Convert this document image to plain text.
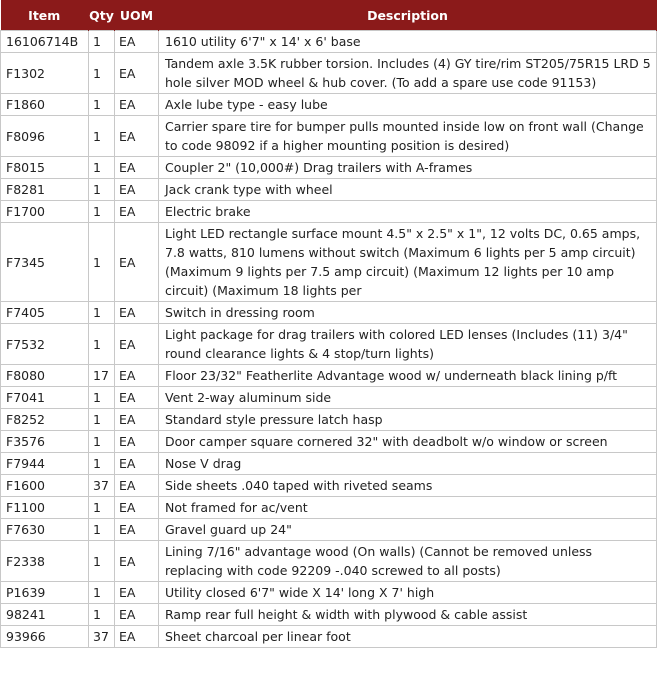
Item	Qty	UOM	Description
16106714B	1	EA	1610 utility 6'7" x 14' x 6' base
F1302	1	EA	Tandem axle 3.5K rubber torsion. Includes (4) GY tire/rim ST205/75R15 LRD 5 hole silver MOD wheel & hub cover. (To add a spare use code 91153)
F1860	1	EA	Axle lube type - easy lube
F8096	1	EA	Carrier spare tire for bumper pulls mounted inside low on front wall (Change to code 98092 if a higher mounting position is desired)
F8015	1	EA	Coupler 2" (10,000#) Drag trailers with A-frames
F8281	1	EA	Jack crank type with wheel
F1700	1	EA	Electric brake
F7345	1	EA	Light LED rectangle surface mount 4.5" x 2.5" x 1", 12 volts DC, 0.65 amps, 7.8 watts, 810 lumens without switch (Maximum 6 lights per 5 amp circuit) (Maximum 9 lights per 7.5 amp circuit) (Maximum 12 lights per 10 amp circuit) (Maximum 18 lights per
F7405	1	EA	Switch in dressing room
F7532	1	EA	Light package for drag trailers with colored LED lenses (Includes (11) 3/4" round clearance lights & 4 stop/turn lights)
F8080	17	EA	Floor 23/32" Featherlite Advantage wood w/ underneath black lining p/ft
F7041	1	EA	Vent 2-way aluminum side
F8252	1	EA	Standard style pressure latch hasp
F3576	1	EA	Door camper square cornered 32" with deadbolt w/o window or screen
F7944	1	EA	Nose V drag
F1600	37	EA	Side sheets .040 taped with riveted seams
F1100	1	EA	Not framed for ac/vent
F7630	1	EA	Gravel guard up 24"
F2338	1	EA	Lining 7/16" advantage wood (On walls) (Cannot be removed unless replacing with code 92209 -.040 screwed to all posts)
P1639	1	EA	Utility closed 6'7" wide X 14' long X 7' high
98241	1	EA	Ramp rear full height & width with plywood & cable assist
93966	37	EA	Sheet charcoal per linear foot
